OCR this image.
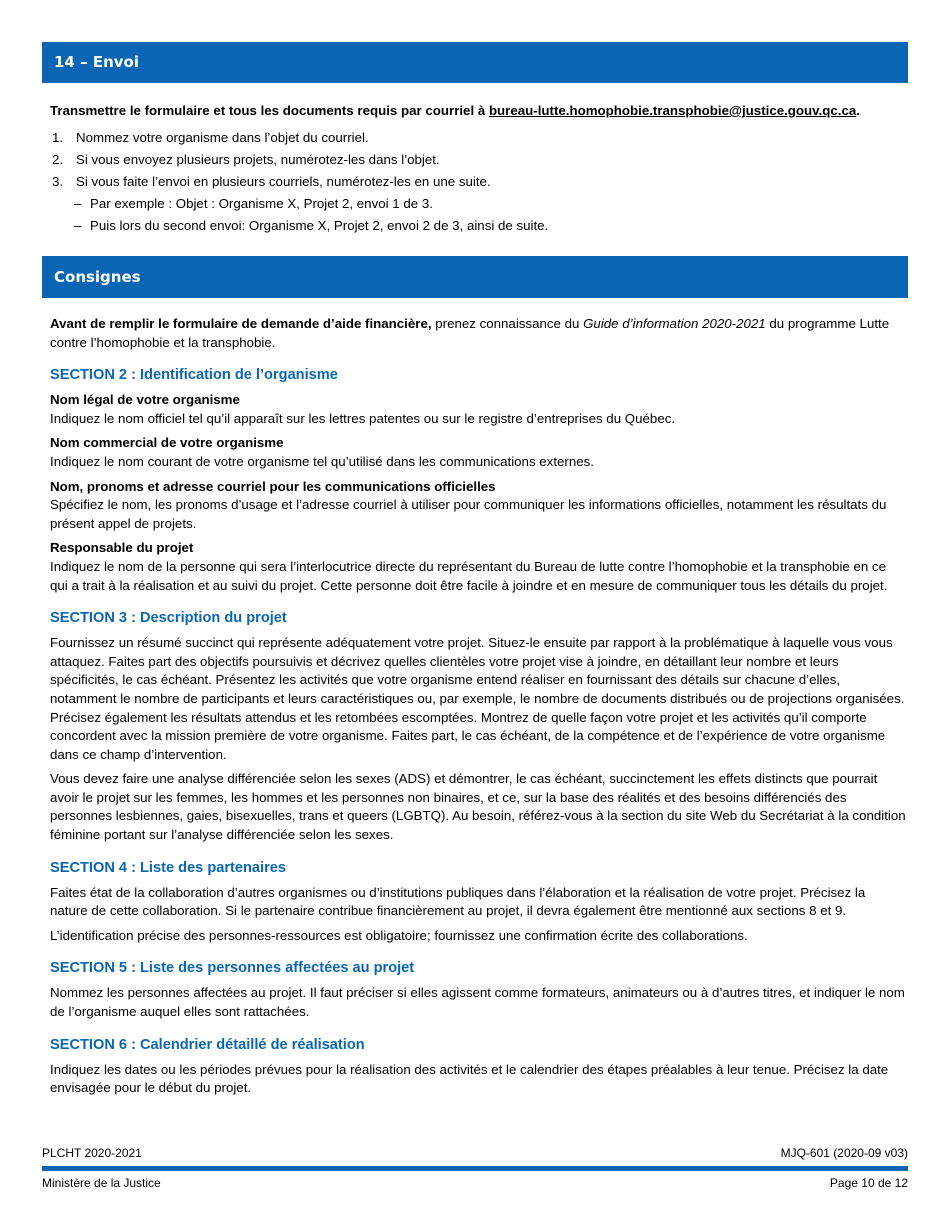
14 – Envoi
Transmettre le formulaire et tous les documents requis par courriel à bureau-lutte.homophobie.transphobie@justice.gouv.qc.ca.
1. Nommez votre organisme dans l’objet du courriel.
2. Si vous envoyez plusieurs projets, numérotez-les dans l’objet.
3. Si vous faite l’envoi en plusieurs courriels, numérotez-les en une suite.
– Par exemple : Objet : Organisme X, Projet 2, envoi 1 de 3.
– Puis lors du second envoi: Organisme X, Projet 2, envoi 2 de 3, ainsi de suite.
Consignes

Avant de remplir le formulaire de demande d’aide financière, prenez connaissance du Guide d’information 2020-2021 du programme Lutte contre l’homophobie et la transphobie.

SECTION 2 : Identification de l’organisme
Nom légal de votre organisme
Indiquez le nom officiel tel qu’il apparaît sur les lettres patentes ou sur le registre d’entreprises du Québec.
Nom commercial de votre organisme
Indiquez le nom courant de votre organisme tel qu’utilisé dans les communications externes.
Nom, pronoms et adresse courriel pour les communications officielles
Spécifiez le nom, les pronoms d’usage et l’adresse courriel à utiliser pour communiquer les informations officielles, notamment les résultats du présent appel de projets.
Responsable du projet
Indiquez le nom de la personne qui sera l’interlocutrice directe du représentant du Bureau de lutte contre l’homophobie et la transphobie en ce qui a trait à la réalisation et au suivi du projet. Cette personne doit être facile à joindre et en mesure de communiquer tous les détails du projet.
SECTION 3 : Description du projet

Fournissez un résumé succinct qui représente adéquatement votre projet. Situez-le ensuite par rapport à la problématique à laquelle vous vous attaquez. Faites part des objectifs poursuivis et décrivez quelles clientèles votre projet vise à joindre, en détaillant leur nombre et leurs spécificités, le cas échéant. Présentez les activités que votre organisme entend réaliser en fournissant des détails sur chacune d’elles, notamment le nombre de participants et leurs caractéristiques ou, par exemple, le nombre de documents distribués ou de projections organisées. Précisez également les résultats attendus et les retombées escomptées. Montrez de quelle façon votre projet et les activités qu’il comporte concordent avec la mission première de votre organisme. Faites part, le cas échéant, de la compétence et de l’expérience de votre organisme dans ce champ d’intervention.

Vous devez faire une analyse différenciée selon les sexes (ADS) et démontrer, le cas échéant, succinctement les effets distincts que pourrait avoir le projet sur les femmes, les hommes et les personnes non binaires, et ce, sur la base des réalités et des besoins différenciés des personnes lesbiennes, gaies, bisexuelles, trans et queers (LGBTQ). Au besoin, référez-vous à la section du site Web du Secrétariat à la condition féminine portant sur l’analyse différenciée selon les sexes.

SECTION 4 : Liste des partenaires

Faites état de la collaboration d’autres organismes ou d’institutions publiques dans l’élaboration et la réalisation de votre projet. Précisez la nature de cette collaboration. Si le partenaire contribue financièrement au projet, il devra également être mentionné aux sections 8 et 9.

L’identification précise des personnes-ressources est obligatoire; fournissez une confirmation écrite des collaborations.

SECTION 5 : Liste des personnes affectées au projet

Nommez les personnes affectées au projet. Il faut préciser si elles agissent comme formateurs, animateurs ou à d’autres titres, et indiquer le nom de l’organisme auquel elles sont rattachées.

SECTION 6 : Calendrier détaillé de réalisation

Indiquez les dates ou les périodes prévues pour la réalisation des activités et le calendrier des étapes préalables à leur tenue. Précisez la date envisagée pour le début du projet.

PLCHT 2020-2021	MJQ-601 (2020-09 v03)
Ministère de la Justice	Page 10 de 12
